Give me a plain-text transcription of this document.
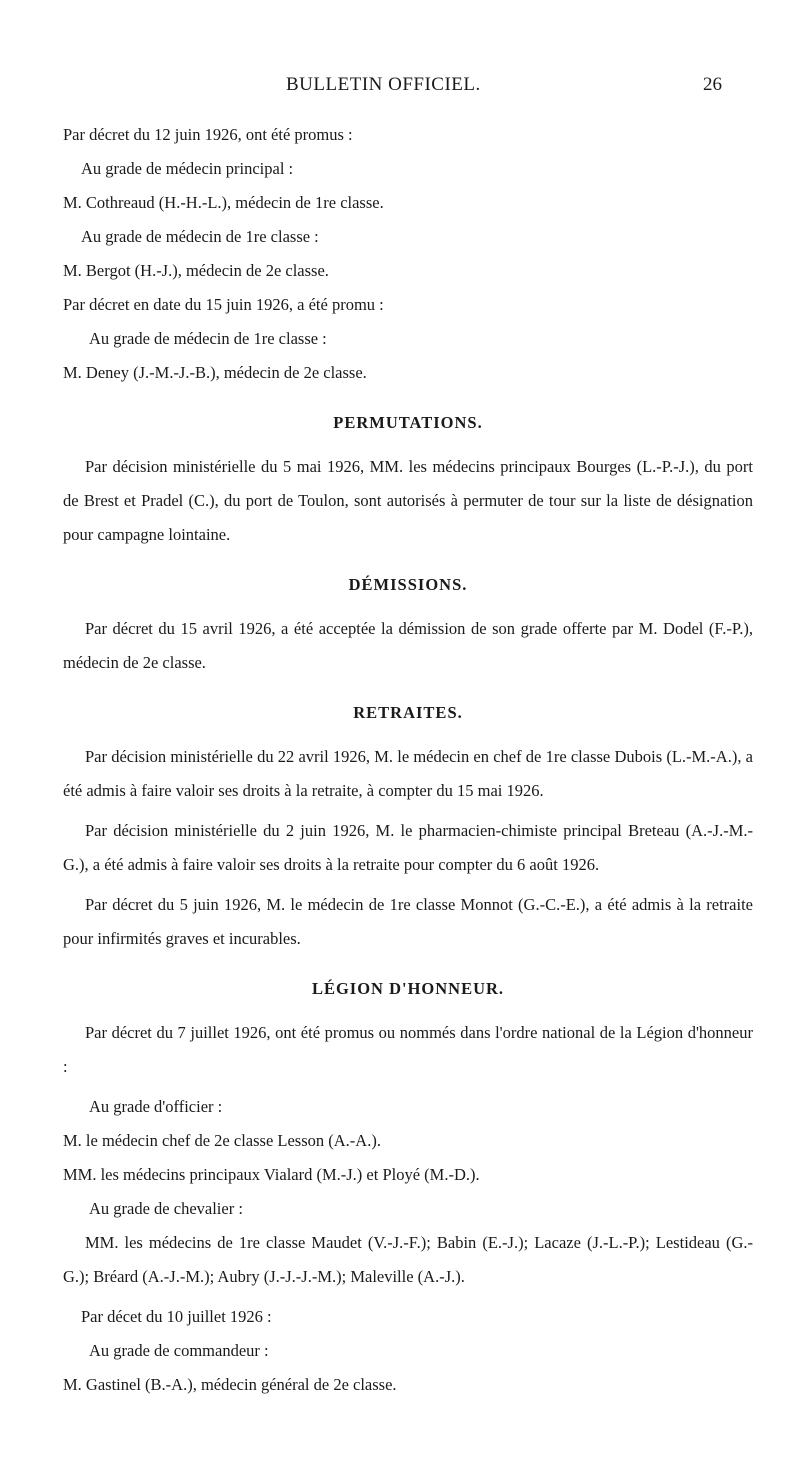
BULLETIN OFFICIEL.	26
Par décret du 12 juin 1926, ont été promus :
Au grade de médecin principal :
M. Cothreaud (H.-H.-L.), médecin de 1re classe.
Au grade de médecin de 1re classe :
M. Bergot (H.-J.), médecin de 2e classe.
Par décret en date du 15 juin 1926, a été promu :
Au grade de médecin de 1re classe :
M. Deney (J.-M.-J.-B.), médecin de 2e classe.
PERMUTATIONS.
Par décision ministérielle du 5 mai 1926, MM. les médecins principaux Bourges (L.-P.-J.), du port de Brest et Pradel (C.), du port de Toulon, sont autorisés à permuter de tour sur la liste de désignation pour campagne lointaine.
DÉMISSIONS.
Par décret du 15 avril 1926, a été acceptée la démission de son grade offerte par M. Dodel (F.-P.), médecin de 2e classe.
RETRAITES.
Par décision ministérielle du 22 avril 1926, M. le médecin en chef de 1re classe Dubois (L.-M.-A.), a été admis à faire valoir ses droits à la retraite, à compter du 15 mai 1926.
Par décision ministérielle du 2 juin 1926, M. le pharmacien-chimiste principal Breteau (A.-J.-M.-G.), a été admis à faire valoir ses droits à la retraite pour compter du 6 août 1926.
Par décret du 5 juin 1926, M. le médecin de 1re classe Monnot (G.-C.-E.), a été admis à la retraite pour infirmités graves et incurables.
LÉGION D'HONNEUR.
Par décret du 7 juillet 1926, ont été promus ou nommés dans l'ordre national de la Légion d'honneur :
Au grade d'officier :
M. le médecin chef de 2e classe Lesson (A.-A.).
MM. les médecins principaux Vialard (M.-J.) et Ployé (M.-D.).
Au grade de chevalier :
MM. les médecins de 1re classe Maudet (V.-J.-F.); Babin (E.-J.); Lacaze (J.-L.-P.); Lestideau (G.-G.); Bréard (A.-J.-M.); Aubry (J.-J.-J.-M.); Maleville (A.-J.).
Par décet du 10 juillet 1926 :
Au grade de commandeur :
M. Gastinel (B.-A.), médecin général de 2e classe.
